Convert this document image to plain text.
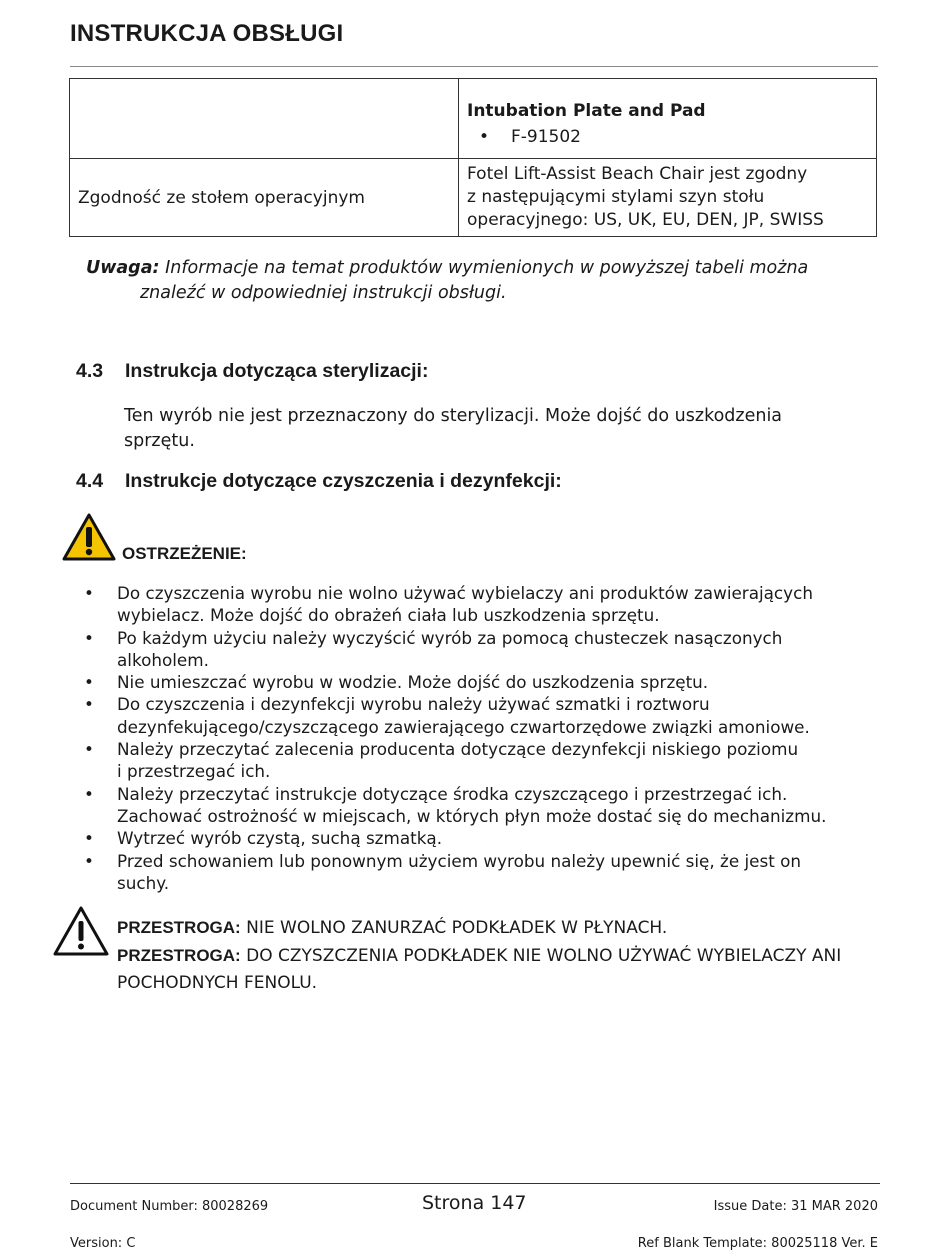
INSTRUKCJA OBSŁUGI

	Intubation Plate and Pad
• F-91502

Zgodność ze stołem operacyjnym	Fotel Lift-Assist Beach Chair jest zgodny
z następującymi stylami szyn stołu
operacyjnego: US, UK, EU, DEN, JP, SWISS
Uwaga: Informacje na temat produktów wymienionych w powyższej tabeli można
znaleźć w odpowiedniej instrukcji obsługi.
4.3 Instrukcja dotycząca sterylizacji:
Ten wyrób nie jest przeznaczony do sterylizacji. Może dojść do uszkodzenia
sprzętu.
4.4 Instrukcje dotyczące czyszczenia i dezynfekcji:
OSTRZEŻENIE:
•	Do czyszczenia wyrobu nie wolno używać wybielaczy ani produktów zawierających
wybielacz. Może dojść do obrażeń ciała lub uszkodzenia sprzętu.
•	Po każdym użyciu należy wyczyścić wyrób za pomocą chusteczek nasączonych
alkoholem.
•	Nie umieszczać wyrobu w wodzie. Może dojść do uszkodzenia sprzętu.
•	Do czyszczenia i dezynfekcji wyrobu należy używać szmatki i roztworu
dezynfekującego/czyszczącego zawierającego czwartorzędowe związki amoniowe.
•	Należy przeczytać zalecenia producenta dotyczące dezynfekcji niskiego poziomu
i przestrzegać ich.
•	Należy przeczytać instrukcje dotyczące środka czyszczącego i przestrzegać ich.
Zachować ostrożność w miejscach, w których płyn może dostać się do mechanizmu.
•	Wytrzeć wyrób czystą, suchą szmatką.
•	Przed schowaniem lub ponownym użyciem wyrobu należy upewnić się, że jest on
suchy.
PRZESTROGA: NIE WOLNO ZANURZAĆ PODKŁADEK W PŁYNACH.
PRZESTROGA: DO CZYSZCZENIA PODKŁADEK NIE WOLNO UŻYWAĆ WYBIELACZY ANI
POCHODNYCH FENOLU.
Document Number: 80028269	Strona 147	Issue Date: 31 MAR 2020
Version: C	Ref Blank Template: 80025118 Ver. E
